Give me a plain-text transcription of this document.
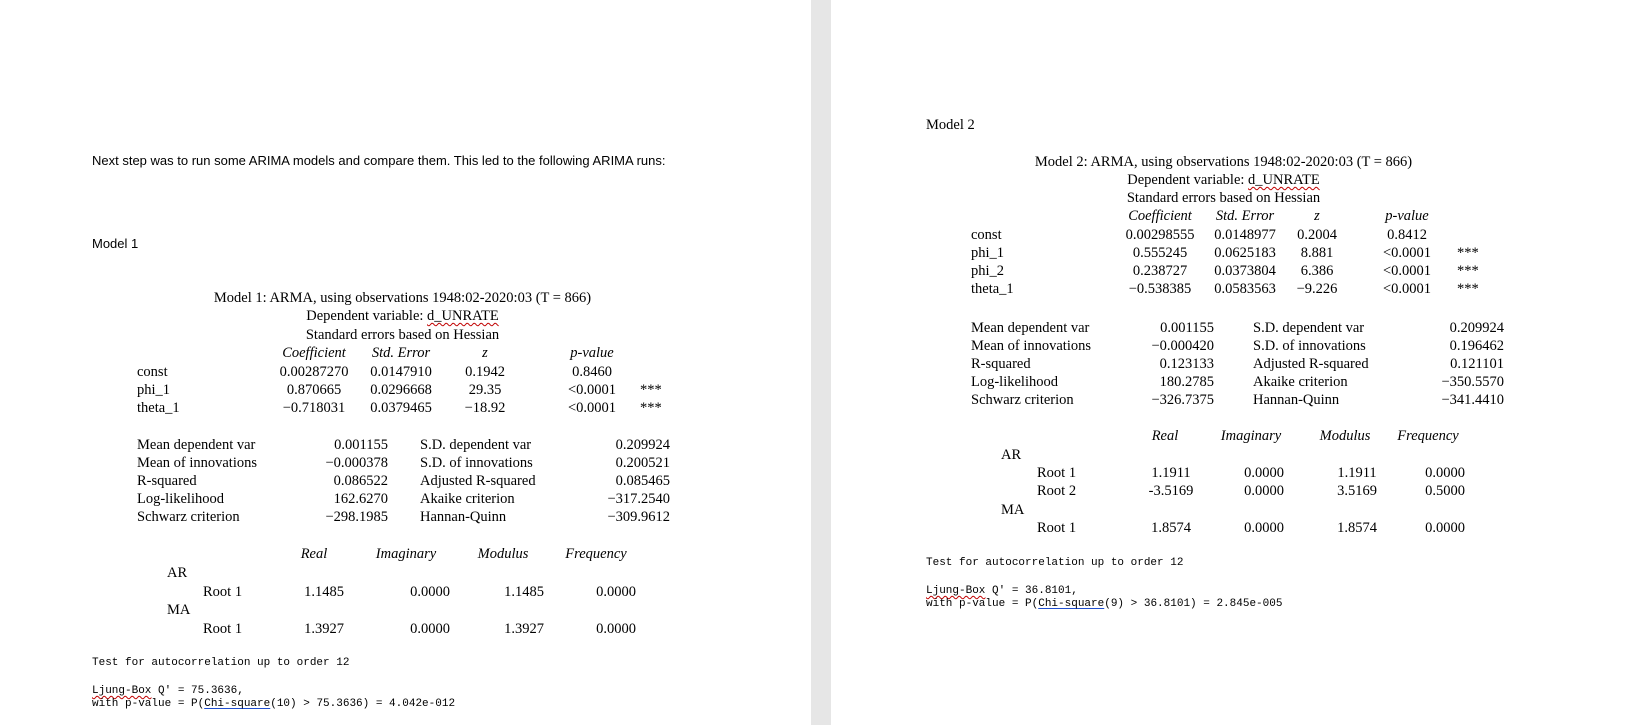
Next step was to run some ARIMA models and compare them. This led to the following ARIMA runs:
Model 1
Model 1: ARMA, using observations 1948:02-2020:03 (T = 866)
Dependent variable: d_UNRATE
Standard errors based on Hessian
Coefficient	Std. Error	z	p-value
const	0.00287270	0.0147910	0.1942	0.8460
phi_1	0.870665	0.0296668	29.35	<0.0001	***
theta_1	−0.718031	0.0379465	−18.92	<0.0001	***
Mean dependent var	0.001155 S.D. dependent var	0.209924
Mean of innovations	−0.000378 S.D. of innovations	0.200521
R-squared	0.086522 Adjusted R-squared	0.085465
Log-likelihood	162.6270 Akaike criterion	−317.2540
Schwarz criterion	−298.1985 Hannan-Quinn	−309.9612
Real	Imaginary	Modulus	Frequency
AR
Root 1	1.1485	0.0000	1.1485	0.0000
MA
Root 1	1.3927	0.0000	1.3927	0.0000
Test for autocorrelation up to order 12
Ljung-Box Q' = 75.3636,
with p-value = P(Chi-square(10) > 75.3636) = 4.042e-012
Model 2
Model 2: ARMA, using observations 1948:02-2020:03 (T = 866)
Dependent variable: d_UNRATE
Standard errors based on Hessian
Coefficient	Std. Error	z	p-value
const	0.00298555	0.0148977	0.2004	0.8412
phi_1	0.555245	0.0625183	8.881	<0.0001	***
phi_2	0.238727	0.0373804	6.386	<0.0001	***
theta_1	−0.538385	0.0583563	−9.226	<0.0001	***
Mean dependent var	0.001155	S.D. dependent var	0.209924
Mean of innovations	−0.000420	S.D. of innovations	0.196462
R-squared	0.123133	Adjusted R-squared	0.121101
Log-likelihood	180.2785	Akaike criterion	−350.5570
Schwarz criterion	−326.7375	Hannan-Quinn	−341.4410
Real	Imaginary	Modulus	Frequency
AR
Root 1	1.1911	0.0000	1.1911	0.0000
Root 2	-3.5169	0.0000	3.5169	0.5000
MA
Root 1	1.8574	0.0000	1.8574	0.0000
Test for autocorrelation up to order 12
Ljung-Box Q' = 36.8101,
with p-value = P(Chi-square(9) > 36.8101) = 2.845e-005
